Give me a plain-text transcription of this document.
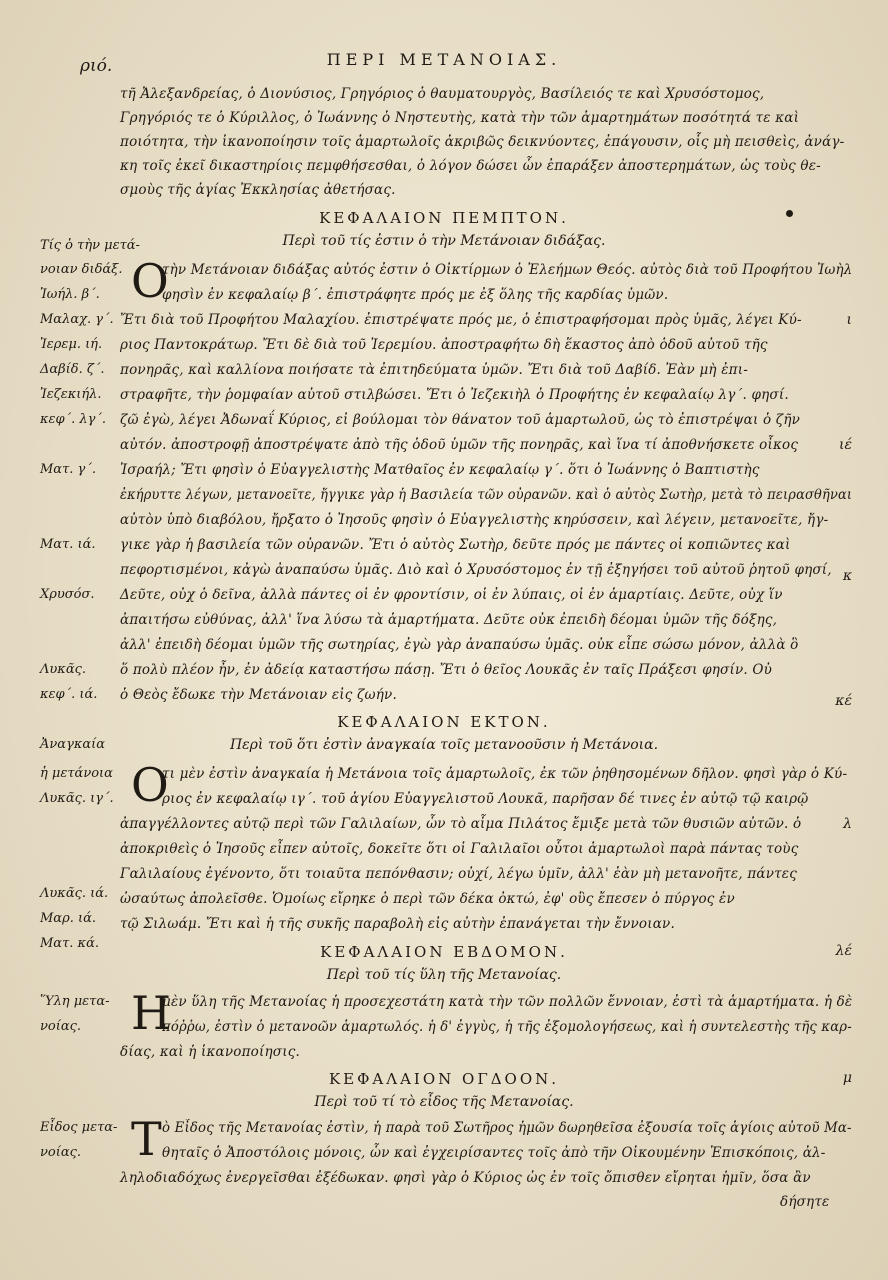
ριό.	ΠΕΡΙ ΜΕΤΑΝΟΙΑΣ.
τῆ Ἀλεξανδρείας, ὁ Διονύσιος, Γρηγόριος ὁ θαυματουργὸς, Βασίλειός τε καὶ Χρυσόστομος,
Γρηγόριός τε ὁ Κύριλλος, ὁ Ἰωάννης ὁ Νηστευτὴς, κατὰ τὴν τῶν ἁμαρτημάτων ποσότητά τε καὶ
ποιότητα, τὴν ἱκανοποίησιν τοῖς ἁμαρτωλοῖς ἀκριβῶς δεικνύοντες, ἐπάγουσιν, οἷς μὴ πεισθεὶς, ἀνάγ-
κη τοῖς ἐκεῖ δικαστηρίοις πεμφθήσεσθαι, ὁ λόγον δώσει ὧν ἐπαράξεν ἀποστερημάτων, ὡς τοὺς θε-
σμοὺς τῆς ἁγίας Ἐκκλησίας ἀθετήσας.
ΚΕΦΑΛΑΙΟΝ ΠΕΜΠΤΟΝ.
Περὶ τοῦ τίς ἐστιν ὁ τὴν Μετάνοιαν διδάξας.
Ο
τὴν Μετάνοιαν διδάξας αὐτός ἐστιν ὁ Οἰκτίρμων ὁ Ἐλεήμων Θεός. αὐτὸς διὰ τοῦ Προφήτου Ἰωὴλ
φησὶν ἐν κεφαλαίῳ β΄. ἐπιστράφητε πρός με ἐξ ὅλης τῆς καρδίας ὑμῶν.
Ἔτι διὰ τοῦ Προφήτου Μαλαχίου. ἐπιστρέψατε πρός με, ὁ ἐπιστραφήσομαι πρὸς ὑμᾶς, λέγει Κύ-
ριος Παντοκράτωρ. Ἔτι δὲ διὰ τοῦ Ἰερεμίου. ἀποστραφήτω δὴ ἕκαστος ἀπὸ ὁδοῦ αὐτοῦ τῆς
πονηρᾶς, καὶ καλλίονα ποιήσατε τὰ ἐπιτηδεύματα ὑμῶν. Ἔτι διὰ τοῦ Δαβίδ. Ἐὰν μὴ ἐπι-
στραφῆτε, τὴν ῥομφαίαν αὐτοῦ στιλβώσει. Ἔτι ὁ Ἰεζεκιὴλ ὁ Προφήτης ἐν κεφαλαίῳ λγ΄. φησί.
ζῶ ἐγὼ, λέγει Ἀδωναΐ Κύριος, εἰ βούλομαι τὸν θάνατον τοῦ ἁμαρτωλοῦ, ὡς τὸ ἐπιστρέψαι ὁ ζῆν
αὐτόν. ἀποστροφῇ ἀποστρέψατε ἀπὸ τῆς ὁδοῦ ὑμῶν τῆς πονηρᾶς, καὶ ἵνα τί ἀποθνήσκετε οἶκος
Ἰσραήλ; Ἔτι φησὶν ὁ Εὐαγγελιστὴς Ματθαῖος ἐν κεφαλαίῳ γ΄. ὅτι ὁ Ἰωάννης ὁ Βαπτιστὴς
ἐκήρυττε λέγων, μετανοεῖτε, ἤγγικε γὰρ ἡ Βασιλεία τῶν οὐρανῶν. καὶ ὁ αὐτὸς Σωτὴρ, μετὰ τὸ πειρασθῆναι
αὐτὸν ὑπὸ διαβόλου, ἤρξατο ὁ Ἰησοῦς φησὶν ὁ Εὐαγγελιστὴς κηρύσσειν, καὶ λέγειν, μετανοεῖτε, ἤγ-
γικε γὰρ ἡ βασιλεία τῶν οὐρανῶν. Ἔτι ὁ αὐτὸς Σωτὴρ, δεῦτε πρός με πάντες οἱ κοπιῶντες καὶ
πεφορτισμένοι, κἀγὼ ἀναπαύσω ὑμᾶς. Διὸ καὶ ὁ Χρυσόστομος ἐν τῇ ἐξηγήσει τοῦ αὐτοῦ ῥητοῦ φησί,
Δεῦτε, οὐχ ὁ δεῖνα, ἀλλὰ πάντες οἱ ἐν φροντίσιν, οἱ ἐν λύπαις, οἱ ἐν ἁμαρτίαις. Δεῦτε, οὐχ ἵν
ἀπαιτήσω εὐθύνας, ἀλλ' ἵνα λύσω τὰ ἁμαρτήματα. Δεῦτε οὐκ ἐπειδὴ δέομαι ὑμῶν τῆς δόξης,
ἀλλ' ἐπειδὴ δέομαι ὑμῶν τῆς σωτηρίας, ἐγὼ γὰρ ἀναπαύσω ὑμᾶς. οὐκ εἶπε σώσω μόνον, ἀλλὰ ὃ
ὅ πολὺ πλέον ἦν, ἐν ἀδείᾳ καταστήσω πάσῃ. Ἔτι ὁ θεῖος Λουκᾶς ἐν ταῖς Πράξεσι φησίν. Οὐ
ὁ Θεὸς ἔδωκε τὴν Μετάνοιαν εἰς ζωήν.
ΚΕΦΑΛΑΙΟΝ ΕΚΤΟΝ.
Περὶ τοῦ ὅτι ἐστὶν ἀναγκαία τοῖς μετανοοῦσιν ἡ Μετάνοια.
Ο
τι μὲν ἐστὶν ἀναγκαία ἡ Μετάνοια τοῖς ἁμαρτωλοῖς, ἐκ τῶν ῥηθησομένων δῆλον. φησὶ γὰρ ὁ Κύ-
ριος ἐν κεφαλαίῳ ιγ΄. τοῦ ἁγίου Εὐαγγελιστοῦ Λουκᾶ, παρῆσαν δέ τινες ἐν αὐτῷ τῷ καιρῷ
ἀπαγγέλλοντες αὐτῷ περὶ τῶν Γαλιλαίων, ὧν τὸ αἷμα Πιλάτος ἔμιξε μετὰ τῶν θυσιῶν αὐτῶν. ὁ
ἀποκριθεὶς ὁ Ἰησοῦς εἶπεν αὐτοῖς, δοκεῖτε ὅτι οἱ Γαλιλαῖοι οὗτοι ἁμαρτωλοὶ παρὰ πάντας τοὺς
Γαλιλαίους ἐγένοντο, ὅτι τοιαῦτα πεπόνθασιν; οὐχί, λέγω ὑμῖν, ἀλλ' ἐὰν μὴ μετανοῆτε, πάντες
ὡσαύτως ἀπολεῖσθε. Ὁμοίως εἴρηκε ὁ περὶ τῶν δέκα ὀκτώ, ἐφ' οὓς ἔπεσεν ὁ πύργος ἐν
τῷ Σιλωάμ. Ἔτι καὶ ἡ τῆς συκῆς παραβολὴ εἰς αὐτὴν ἐπανάγεται τὴν ἔννοιαν.
ΚΕΦΑΛΑΙΟΝ ΕΒΔΟΜΟΝ.
Περὶ τοῦ τίς ὕλη τῆς Μετανοίας.
Η
μὲν ὕλη τῆς Μετανοίας ἡ προσεχεστάτη κατὰ τὴν τῶν πολλῶν ἔννοιαν, ἐστὶ τὰ ἁμαρτήματα. ἡ δὲ
πόῤῥω, ἐστὶν ὁ μετανοῶν ἁμαρτωλός. ἡ δ' ἐγγὺς, ἡ τῆς ἐξομολογήσεως, καὶ ἡ συντελεστὴς τῆς καρ-
δίας, καὶ ἡ ἱκανοποίησις.
ΚΕΦΑΛΑΙΟΝ ΟΓΔΟΟΝ.
Περὶ τοῦ τί τὸ εἶδος τῆς Μετανοίας.
Τ ὸ Εἶδος τῆς Μετανοίας ἐστὶν, ἡ παρὰ τοῦ Σωτῆρος ἡμῶν δωρηθεῖσα ἐξουσία τοῖς ἁγίοις αὐτοῦ Μα-
θηταῖς ὁ Ἀποστόλοις μόνοις, ὧν καὶ ἐγχειρίσαντες τοῖς ἀπὸ τῆν Οἰκουμένην Ἐπισκόποις, ἀλ-
ληλοδιαδόχως ἐνεργεῖσθαι ἐξέδωκαν. φησὶ γὰρ ὁ Κύριος ὡς ἐν τοῖς ὄπισθεν εἴρηται ἡμῖν, ὅσα ἂν
δήσητε
Τίς ὁ τὴν μετά-
νοιαν διδάξ.
Ἰωήλ. β΄.
Μαλαχ. γ΄.
Ἰερεμ. ιή.
Δαβίδ. ζ΄.
Ἰεζεκιήλ.
κεφ΄. λγ΄.
Ματ. γ΄.
Ματ. ιά.
Χρυσόσ.
Λυκᾶς.
κεφ΄. ιά.
Ἀναγκαία
ἡ μετάνοια
Λυκᾶς. ιγ΄.
Λυκᾶς. ιά.
Μαρ. ιά.
Ματ. κά.
Ὕλη μετα-
νοίας.
Εἶδος μετα-
νοίας.
ι
ιέ
κ
κέ
λ
λέ
μ
